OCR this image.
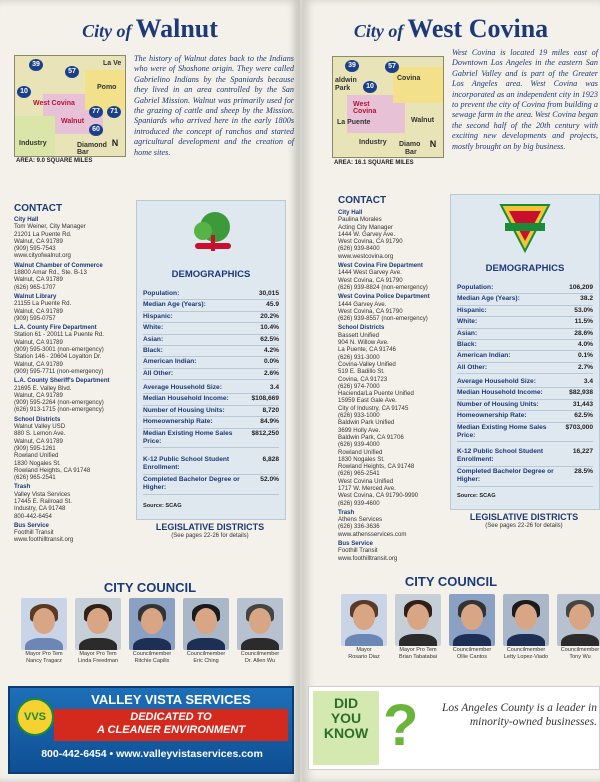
City of Walnut
39
57
La Ve
10
Pomo
West Covina
Walnut
77	71
60
Industry	Diamond Bar
N
AREA: 9.0 SQUARE MILES
The history of Walnut dates back to the Indians who were of Shoshone origin. They were called Gabrielino Indians by the Spaniards because they lived in an area controlled by the San Gabriel Mission. Walnut was primarily used for the grazing of cattle and sheep by the Mission. Spaniards who arrived here in the early 1800s introduced the concept of ranchos and started agricultural development and the creation of home sites.
CONTACT
City Hall
Tom Weiner, City Manager
21201 La Puente Rd.
Walnut, CA 91789
(909) 595-7543
www.cityofwalnut.org
Walnut Chamber of Commerce
18800 Amar Rd., Ste. B-13
Walnut, CA 91789
(626) 965-1707
Walnut Library
21155 La Puente Rd.
Walnut, CA 91789
(909) 595-0757
L.A. County Fire Department
Station 61 - 20011 La Puente Rd.
Walnut, CA 91789
(909) 595-3001 (non-emergency)
Station 146 - 20604 Loyalton Dr.
Walnut, CA 91789
(909) 595-7711 (non-emergency)
L.A. County Sheriff's Department
21695 E. Valley Blvd.
Walnut, CA 91789
(909) 595-2264 (non-emergency)
(626) 913-1715 (non-emergency)
School Districts
Walnut Valley USD
880 S. Lemon Ave.
Walnut, CA 91789
(909) 595-1261
Rowland Unified
1830 Nogales St.
Rowland Heights, CA 91748
(626) 965-2541
Trash
Valley Vista Services
17445 E. Railroad St.
Industry, CA 91748
800-442-6454
Bus Service
Foothill Transit
www.foothilltransit.org
DEMOGRAPHICS
Population:	30,015
Median Age (Years):	45.9
Hispanic:	20.2%
White:	10.4%
Asian:	62.5%
Black:	4.2%
American Indian:	0.0%
All Other:	2.6%
Average Household Size:	3.4
Median Household Income:	$108,669
Number of Housing Units:	8,720
Homeownership Rate:	84.9%
Median Existing Home Sales Price:
$812,250
K-12 Public School Student Enrollment:
6,828
Completed Bachelor Degree or Higher:
52.0%
Source: SCAG
LEGISLATIVE DISTRICTS
(See pages 22-26 for details)
CITY COUNCIL
Mayor Pro Tem
Nancy Tragarz
Mayor Pro Tem
Linda Freedman
Councilmember
Ritchie Capilis
Councilmember
Eric Ching
Councilmember
Dr. Allen Wu
VVS
VALLEY VISTA SERVICES
DEDICATED TO
A CLEANER ENVIRONMENT
800-442-6454 • www.valleyvistaservices.com
City of West Covina
39	57
aldwin
Park	10
Covina
West Covina
La Puente	Walnut
Industry Diamo
Bar
N
AREA: 16.1 SQUARE MILES
West Covina is located 19 miles east of Downtown Los Angeles in the eastern San Gabriel Valley and is part of the Greater Los Angeles area. West Covina was incorporated as an independent city in 1923 to prevent the city of Covina from building a sewage farm in the area. West Covina began the second half of the 20th century with exciting new developments and projects, mostly brought on by big business.
CONTACT
City Hall
Paulina Morales
Acting City Manager
1444 W. Garvey Ave.
West Covina, CA 91790
(626) 939-8400
www.westcovina.org
West Covina Fire Department
1444 West Garvey Ave.
West Covina, CA 91790
(626) 939-8824 (non-emergency)
West Covina Police Department
1444 Garvey Ave.
West Covina, CA 91790
(626) 939-8557 (non-emergency)
School Districts
Bassett Unified
904 N. Willow Ave.
La Puente, CA 91746
(626) 931-3000
Covina-Valley Unified
519 E. Badillo St.
Covina, CA 91723
(626) 974-7000
Hacienda/La Puente Unified
15959 East Gale Ave.
City of Industry, CA 91745
(626) 933-1000
Baldwin Park Unified
3699 Holly Ave.
Baldwin Park, CA 91706
(626) 939-4000
Rowland Unified
1830 Nogales St.
Rowland Heights, CA 91748
(626) 965-2541
West Covina Unified
1717 W. Merced Ave.
West Covina, CA 91790-9990
(626) 939-4600
Trash
Athens Services
(626) 336-3636
www.athensservices.com
Bus Service
Foothill Transit
www.foothilltransit.org
DEMOGRAPHICS
Population:	106,209
Median Age (Years):	38.2
Hispanic:	53.0%
White:	11.5%
Asian:	28.6%
Black:	4.0%
American Indian:	0.1%
All Other:	2.7%
Average Household Size:	3.4
Median Household Income:	$82,938
Number of Housing Units:	31,443
Homeownership Rate:	62.5%
Median Existing Home Sales Price:
$703,000
K-12 Public School Student Enrollment:
16,227
Completed Bachelor Degree or Higher:
28.5%
Source: SCAG
LEGISLATIVE DISTRICTS
(See pages 22-26 for details)
CITY COUNCIL
Mayor
Rosario Diaz
Mayor Pro Tem
Brian Tabatabai
Councilmember
Ollie Cantos
Councilmember
Letty Lopez-Viado
Councilmember
Tony Wu
DID
YOU
KNOW ?	Los Angeles County is a leader in minority-owned businesses.
